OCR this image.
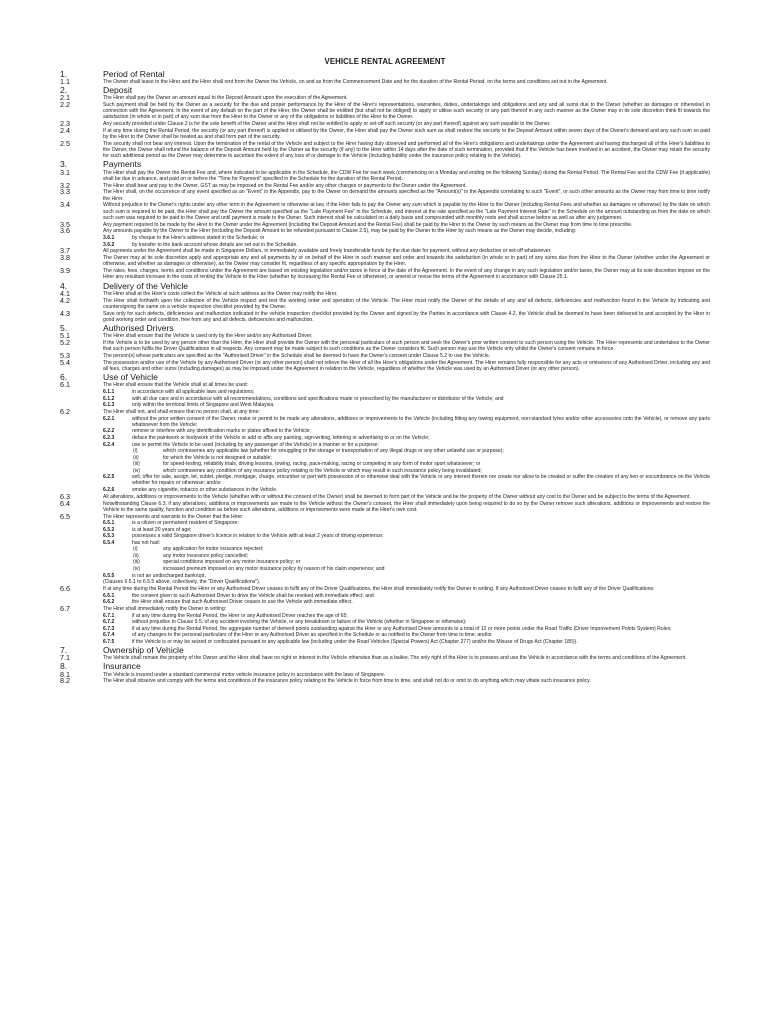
VEHICLE RENTAL AGREEMENT
1.	Period of Rental
1.1	The Owner shall lease to the Hirer and the Hirer shall rent from the Owner the Vehicle, on and as from the Commencement Date and for the duration of the Rental Period, on the terms and conditions set out in the Agreement.
2.	Deposit
2.1	The Hirer shall pay the Owner an amount equal to the Deposit Amount upon the execution of the Agreement.
2.2	Such payment shall be held by the Owner as a security for the due and proper performance by the Hirer of the Hirer's representations, warranties, duties, undertakings and obligations and any and all sums due to the Owner (whether as damages or otherwise) in connection with the Agreement. In the event of any default on the part of the Hirer, the Owner shall be entitled (but shall not be obliged) to apply or utilise such security or any part thereof in any such manner as the Owner may in its sole discretion think fit towards the satisfaction (in whole or in part) of any sum due from the Hirer to the Owner or any of the obligations or liabilities of the Hirer to the Owner.
2.3	Any security provided under Clause 2 is for the sole benefit of the Owner and the Hirer shall not be entitled to apply or set-off such security (or any part thereof) against any sum payable to the Owner.
2.4	If at any time during the Rental Period, the security (or any part thereof) is applied or utilised by the Owner, the Hirer shall pay the Owner such sum as shall restore the security to the Deposit Amount within seven days of the Owner's demand and any such sum so paid by the Hirer to the Owner shall be treated as and shall form part of the security.
2.5	The security shall not bear any interest. Upon the termination of the rental of the Vehicle and subject to the Hirer having duly observed and performed all of the Hirer's obligations and undertakings under the Agreement and having discharged all of the Hirer's liabilities to the Owner, the Owner shall refund the balance of the Deposit Amount held by the Owner as the security (if any) to the Hirer within 14 days after the date of such termination, provided that if the Vehicle has been involved in an accident, the Owner may retain the security for such additional period as the Owner may determine to ascertain the extent of any loss of or damage to the Vehicle (including liability under the insurance policy relating to the Vehicle).
3.	Payments
3.1	The Hirer shall pay the Owner the Rental Fee and, where indicated to be applicable in the Schedule, the CDW Fee for each week (commencing on a Monday and ending on the following Sunday) during the Rental Period. The Rental Fee and the CDW Fee (if applicable) shall be due in advance, and paid on or before the "Time for Payment" specified in the Schedule for the duration of the Rental Period.
3.2	The Hirer shall bear and pay to the Owner, GST as may be imposed on the Rental Fee and/or any other charges or payments to the Owner under the Agreement.
3.3	The Hirer shall, on the occurrence of any event specified as an "Event" in the Appendix, pay to the Owner on demand the amounts specified as the "Amount(s)" in the Appendix correlating to such "Event", or such other amounts as the Owner may from time to time notify the Hirer.
3.4	Without prejudice to the Owner's rights under any other term in the Agreement or otherwise at law, if the Hirer fails to pay the Owner any sum which is payable by the Hirer to the Owner (including Rental Fees and whether as damages or otherwise) by the date on which such sum is required to be paid, the Hirer shall pay the Owner the amount specified as the "Late Payment Fee" in the Schedule, and interest at the rate specified as the "Late Payment Interest Rate" in the Schedule on the amount outstanding as from the date on which such sum was required to be paid to the Owner and until payment is made to the Owner. Such interest shall be calculated on a daily basis and compounded with monthly rests and shall accrue before as well as after any judgement.
3.5	Any payment required to be made by the Hirer to the Owner under the Agreement (including the Deposit Amount and the Rental Fee) shall be paid by the Hirer to the Owner by such means as the Owner may from time to time prescribe.
3.6	Any amounts payable by the Owner to the Hirer (including the Deposit Amount to be refunded pursuant to Clause 2.5), may be paid by the Owner to the Hirer by such means as the Owner may decide, including:
3.6.1	by cheque to the Hirer's address stated in the Schedule; or
3.6.2	by transfer to the bank account whose details are set out in the Schedule.
3.7	All payments under the Agreement shall be made in Singapore Dollars, in immediately available and freely transferable funds by the due date for payment, without any deduction or set-off whatsoever.
3.8	The Owner may at its sole discretion apply and appropriate any and all payments by or on behalf of the Hirer in such manner and order and towards the satisfaction (in whole or in part) of any sums due from the Hirer to the Owner (whether under the Agreement or otherwise, and whether as damages or otherwise), as the Owner may consider fit, regardless of any specific appropriation by the Hirer.
3.9	The rates, fees, charges, terms and conditions under the Agreement are based on existing legislation and/or taxes in force at the date of the Agreement. In the event of any change in any such legislation and/or taxes, the Owner may at its sole discretion impose on the Hirer any resultant increase in the costs of renting the Vehicle to the Hirer (whether by increasing the Rental Fee or otherwise), or amend or revise the terms of the Agreement in accordance with Clause 25.1.
4.	Delivery of the Vehicle
4.1	The Hirer shall at the Hirer's costs collect the Vehicle at such address as the Owner may notify the Hirer.
4.2	The Hirer shall forthwith upon the collection of the Vehicle inspect and test the working order and operation of the Vehicle. The Hirer must notify the Owner of the details of any and all defects, deficiencies and malfunction found in the Vehicle by indicating and countersigning the same on a vehicle inspection checklist provided by the Owner.
4.3	Save only for such defects, deficiencies and malfunction indicated in the vehicle inspection checklist provided by the Owner and signed by the Parties in accordance with Clause 4.2, the Vehicle shall be deemed to have been delivered to and accepted by the Hirer in good working order and condition, free from any and all defects, deficiencies and malfunction.
5.	Authorised Drivers
5.1	The Hirer shall ensure that the Vehicle is used only by the Hirer and/or any Authorised Driver.
5.2	If the Vehicle is to be used by any person other than the Hirer, the Hirer shall provide the Owner with the personal particulars of such person and seek the Owner's prior written consent to such person using the Vehicle. The Hirer represents and undertakes to the Owner that such person fulfils the Driver Qualifications in all respects. Any consent may be made subject to such conditions as the Owner considers fit. Such person may use the Vehicle only whilst the Owner's consent remains in force.
5.3	The person(s) whose particulars are specified as the "Authorised Driver" in the Schedule shall be deemed to have the Owner's consent under Clause 5.2 to use the Vehicle.
5.4	The possession and/or use of the Vehicle by any Authorised Driver (or any other person) shall not relieve the Hirer of all the Hirer's obligations under the Agreement. The Hirer remains fully responsible for any acts or omissions of any Authorised Driver, including any and all fees, charges and other sums (including damages) as may be imposed under the Agreement in relation to the Vehicle, regardless of whether the Vehicle was used by an Authorised Driver (or any other person).
6.	Use of Vehicle
6.1	The Hirer shall ensure that the Vehicle shall at all times be used:
6.1.1	in accordance with all applicable laws and regulations;
6.1.2	with all due care and in accordance with all recommendations, conditions and specifications made or prescribed by the manufacturer or distributor of the Vehicle; and
6.1.3	only within the territorial limits of Singapore and West Malaysia.
6.2	The Hirer shall not, and shall ensure that no person shall, at any time:
6.2.1	without the prior written consent of the Owner, make or permit to be made any alterations, additions or improvements to the Vehicle (including fitting any towing equipment, non-standard tyres and/or other accessories onto the Vehicle), or remove any parts whatsoever from the Vehicle;
6.2.2	remove or interfere with any identification marks or plates affixed to the Vehicle;
6.2.3	deface the paintwork or bodywork of the Vehicle or add or affix any painting, sign-writing, lettering or advertising to or on the Vehicle;
6.2.4	use or permit the Vehicle to be used (including by any passenger of the Vehicle) in a manner or for a purpose:
(i)	which contravenes any applicable law (whether for smuggling or the storage or transportation of any illegal drugs or any other unlawful use or purpose);
(ii)	for which the Vehicle is not designed or suitable;
(iii)	for speed-testing, reliability trials, driving lessons, towing, racing, pace-making, racing or competing in any form of motor sport whatsoever; or
(iv)	which contravenes any condition of any insurance policy relating to the Vehicle or which may result in such insurance policy being invalidated;
6.2.5	sell, offer for sale, assign, let, sublet, pledge, mortgage, charge, encumber or part with possession of or otherwise deal with the Vehicle or any interest therein nor create nor allow to be created or suffer the creation of any lien or encumbrance on the Vehicle whether for repairs or otherwise; and/or
6.2.6	smoke any cigarette, tobacco or other substances in the Vehicle.
6.3	All alterations, additions or improvements to the Vehicle (whether with or without the consent of the Owner) shall be deemed to form part of the Vehicle and be the property of the Owner without any cost to the Owner and be subject to the terms of the Agreement.
6.4	Notwithstanding Clause 6.3, if any alterations, additions or improvements are made to the Vehicle without the Owner's consent, the Hirer shall immediately upon being required to do so by the Owner remove such alterations, additions or improvements and restore the Vehicle to the same quality, function and condition as before such alterations, additions or improvements were made at the Hirer's own cost.
6.5	The Hirer represents and warrants to the Owner that the Hirer:
6.5.1	is a citizen or permanent resident of Singapore;
6.5.2	is at least 20 years of age;
6.5.3	possesses a valid Singapore driver's licence in relation to the Vehicle with at least 2 years of driving experience;
6.5.4	has not had:
(i)	any application for motor insurance rejected;
(ii)	any motor insurance policy cancelled;
(iii)	special conditions imposed on any motor insurance policy; or
(iv)	increased premium imposed on any motor insurance policy by reason of his claim experience; and
6.5.5	is not an undischarged bankrupt,
(Clauses 6.5.1 to 6.5.5 above, collectively, the "Driver Qualifications").
6.6	If at any time during the Rental Period the Hirer or any Authorised Driver ceases to fulfil any of the Driver Qualifications, the Hirer shall immediately notify the Owner in writing. If any Authorised Driver ceases to fulfil any of the Driver Qualifications:
6.6.1	the consent given to such Authorised Driver to drive the Vehicle shall be revoked with immediate effect; and
6.6.2	the Hirer shall ensure that such Authorised Driver ceases to use the Vehicle with immediate effect.
6.7	The Hirer shall immediately notify the Owner in writing:
6.7.1	if at any time during the Rental Period, the Hirer or any Authorised Driver reaches the age of 65;
6.7.2	without prejudice to Clause 9.5, of any accident involving the Vehicle, or any breakdown or failure of the Vehicle (whether in Singapore or otherwise);
6.7.3	if at any time during the Rental Period, the aggregate number of demerit points outstanding against the Hirer or any Authorised Driver amounts to a total of 12 or more points under the Road Traffic (Driver Improvement Points System) Rules;
6.7.4	of any changes to the personal particulars of the Hirer or any Authorised Driver as specified in the Schedule or as notified to the Owner from time to time; and/or
6.7.5	if the Vehicle is or may be seized or confiscated pursuant to any applicable law (including under the Road Vehicles (Special Powers) Act (Chapter 277) and/or the Misuse of Drugs Act (Chapter 185)).
7.	Ownership of Vehicle
7.1	The Vehicle shall remain the property of the Owner and the Hirer shall have no right or interest in the Vehicle otherwise than as a bailee. The only right of the Hirer is to possess and use the Vehicle in accordance with the terms and conditions of the Agreement.
8.	Insurance
8.1	The Vehicle is insured under a standard commercial motor vehicle insurance policy in accordance with the laws of Singapore.
8.2	The Hirer shall observe and comply with the terms and conditions of the insurance policy relating to the Vehicle in force from time to time, and shall not do or omit to do anything which may vitiate such insurance policy.
